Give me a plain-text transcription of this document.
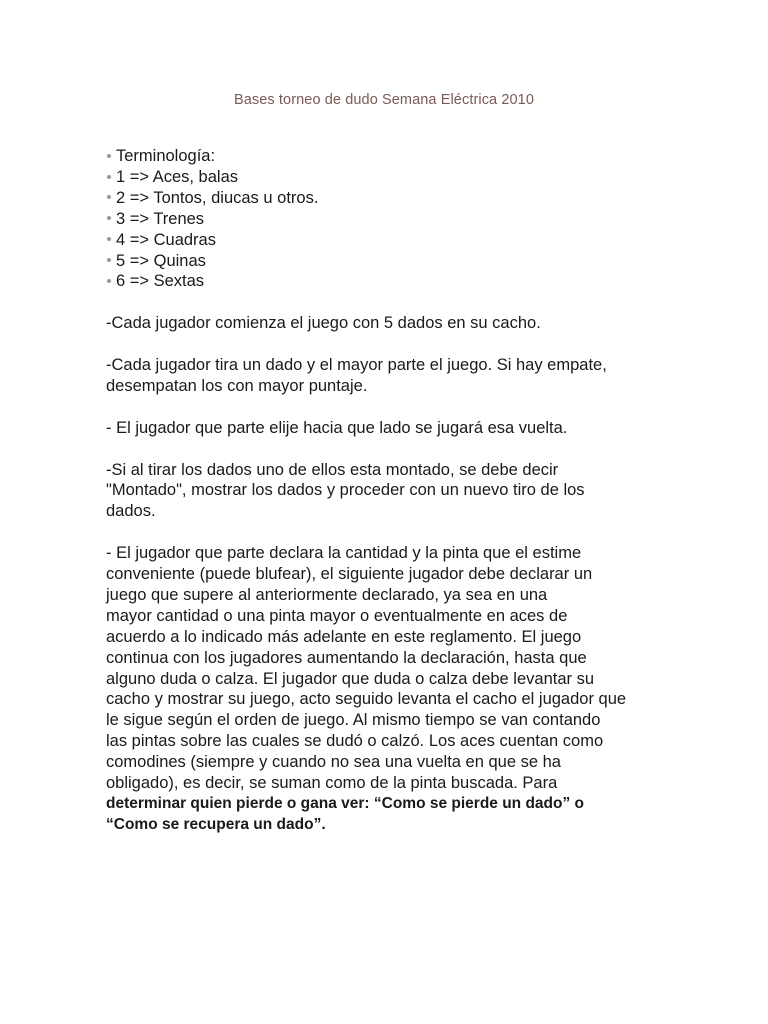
Bases torneo de dudo Semana Eléctrica 2010
Terminología:
1 => Aces, balas
2 => Tontos, diucas u otros.
3 => Trenes
4 => Cuadras
5 => Quinas
6 => Sextas
-Cada jugador comienza el juego con 5 dados en su cacho.
-Cada jugador tira un dado y el mayor parte el juego. Si hay empate,
desempatan los con mayor puntaje.
- El jugador que parte elije hacia que lado se jugará esa vuelta.
-Si al tirar los dados uno de ellos esta montado, se debe decir
"Montado", mostrar los dados y proceder con un nuevo tiro de los
dados.
- El jugador que parte declara la cantidad y la pinta que el estime
conveniente (puede blufear), el siguiente jugador debe declarar un
juego que supere al anteriormente declarado, ya sea en una
mayor cantidad o una pinta mayor o eventualmente en aces de
acuerdo a lo indicado más adelante en este reglamento. El juego
continua con los jugadores aumentando la declaración, hasta que
alguno duda o calza. El jugador que duda o calza debe levantar su
cacho y mostrar su juego, acto seguido levanta el cacho el jugador que
le sigue según el orden de juego. Al mismo tiempo se van contando
las pintas sobre las cuales se dudó o calzó. Los aces cuentan como
comodines (siempre y cuando no sea una vuelta en que se ha
obligado), es decir, se suman como de la pinta buscada. Para
determinar quien pierde o gana ver: “Como se pierde un dado” o
“Como se recupera un dado”.
